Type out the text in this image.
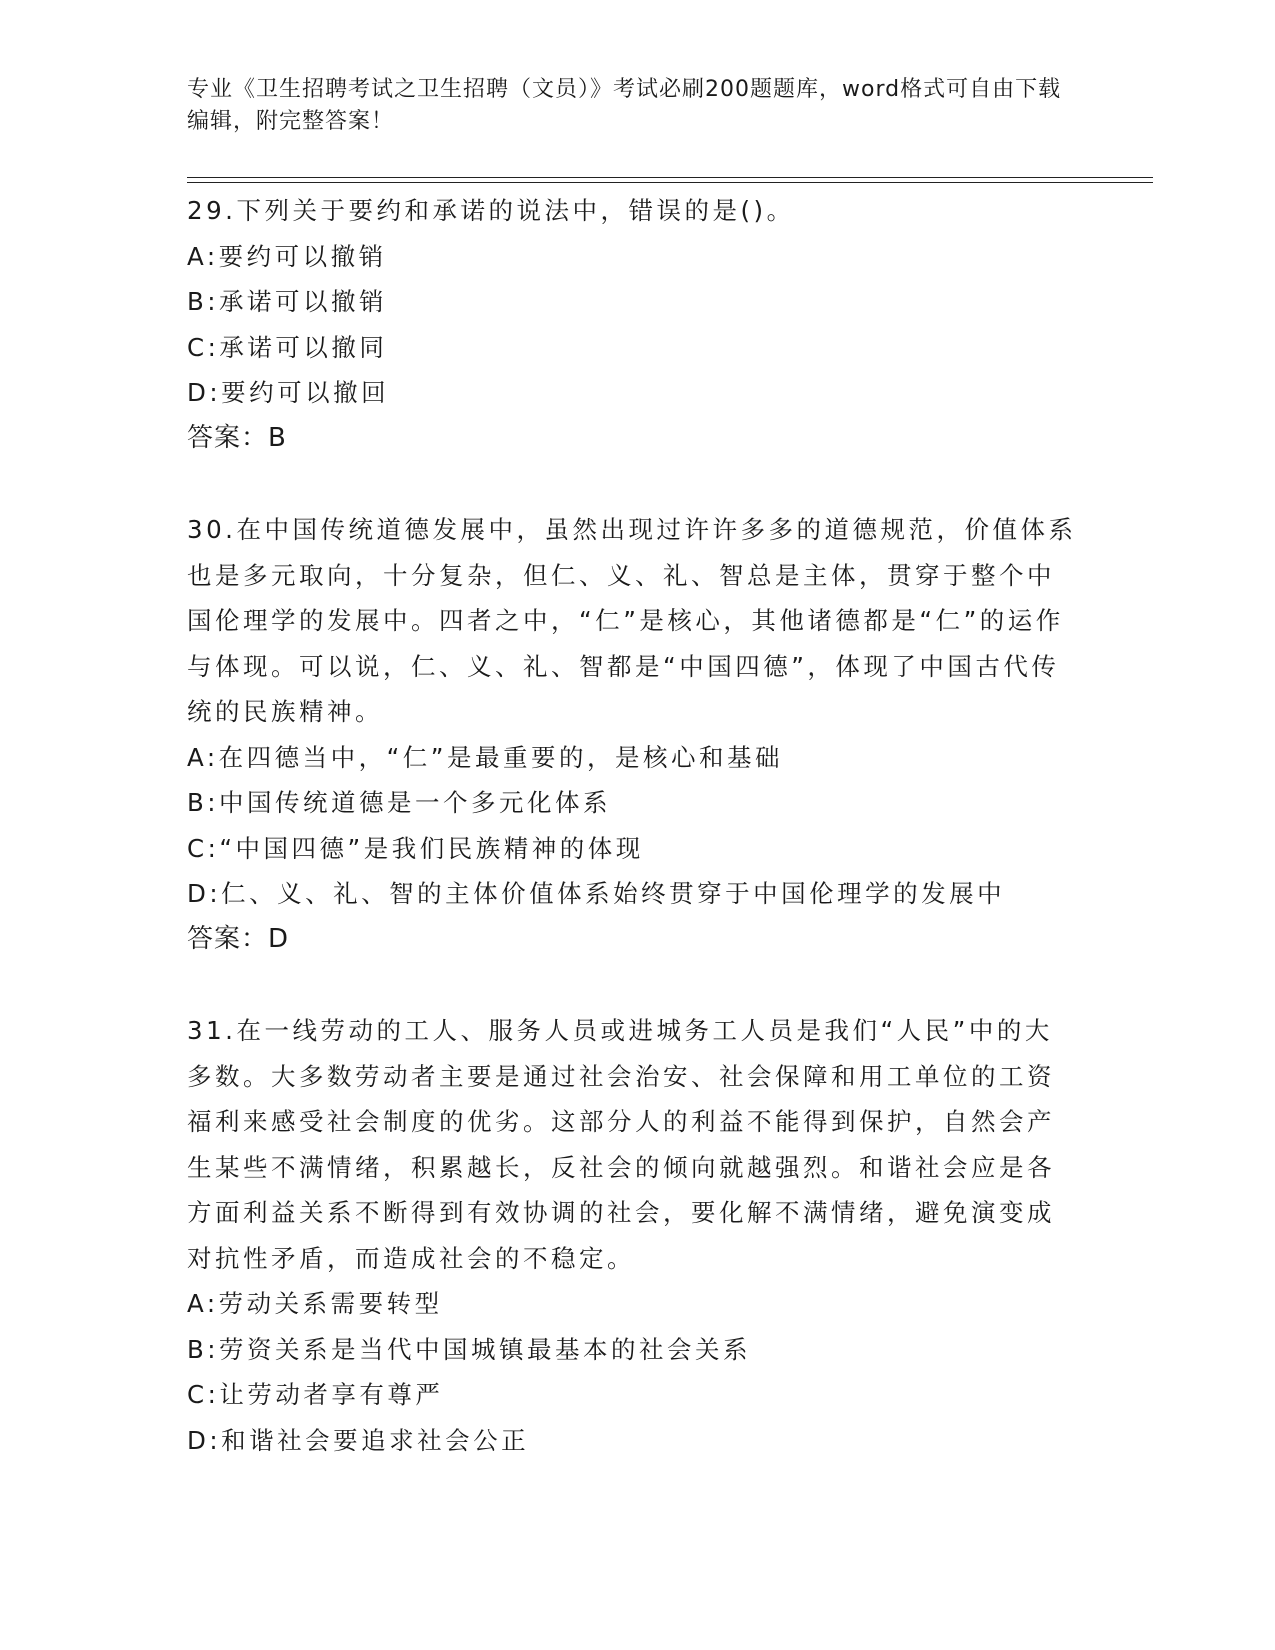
专业《卫生招聘考试之卫生招聘（文员）》考试必刷200题题库，word格式可自由下载编辑，附完整答案！

29.下列关于要约和承诺的说法中，错误的是()。

A:要约可以撤销

B:承诺可以撤销

C:承诺可以撤同

D:要约可以撤回

答案：B

30.在中国传统道德发展中，虽然出现过许许多多的道德规范，价值体系也是多元取向，十分复杂，但仁、义、礼、智总是主体，贯穿于整个中国伦理学的发展中。四者之中，“仁”是核心，其他诸德都是“仁”的运作与体现。可以说，仁、义、礼、智都是“中国四德”，体现了中国古代传统的民族精神。

A:在四德当中，“仁”是最重要的，是核心和基础

B:中国传统道德是一个多元化体系

C:“中国四德”是我们民族精神的体现

D:仁、义、礼、智的主体价值体系始终贯穿于中国伦理学的发展中

答案：D

31.在一线劳动的工人、服务人员或进城务工人员是我们“人民”中的大多数。大多数劳动者主要是通过社会治安、社会保障和用工单位的工资福利来感受社会制度的优劣。这部分人的利益不能得到保护，自然会产生某些不满情绪，积累越长，反社会的倾向就越强烈。和谐社会应是各方面利益关系不断得到有效协调的社会，要化解不满情绪，避免演变成对抗性矛盾，而造成社会的不稳定。

A:劳动关系需要转型

B:劳资关系是当代中国城镇最基本的社会关系

C:让劳动者享有尊严

D:和谐社会要追求社会公正
